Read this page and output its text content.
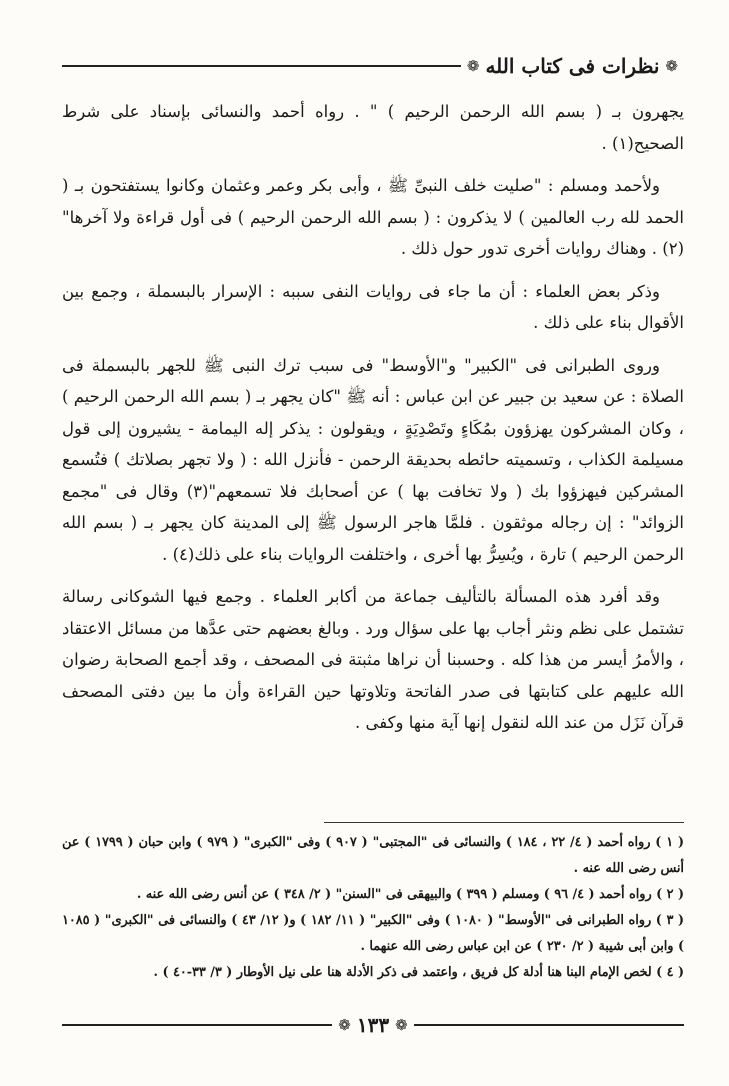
❁
نظرات فى كتاب الله
❁

يجهرون بـ ( بسم الله الرحمن الرحيم ) " . رواه أحمد والنسائى بإسناد على شرط الصحيح(١) .

ولأحمد ومسلم : "صليت خلف النبىِّ ﷺ ، وأبى بكر وعمر وعثمان وكانوا يستفتحون بـ ( الحمد لله رب العالمين ) لا يذكرون : ( بسم الله الرحمن الرحيم ) فى أول قراءة ولا آخرها"(٢) . وهناك روايات أخرى تدور حول ذلك .

وذكر بعض العلماء : أن ما جاء فى روايات النفى سببه : الإسرار بالبسملة ، وجمع بين الأقوال بناء على ذلك .

وروى الطبرانى فى "الكبير" و"الأوسط" فى سبب ترك النبى ﷺ للجهر بالبسملة فى الصلاة : عن سعيد بن جبير عن ابن عباس : أنه ﷺ "كان يجهر بـ ( بسم الله الرحمن الرحيم ) ، وكان المشركون يهزؤون بمُكَاءٍ وتَصْدِيَةٍ ، ويقولون : يذكر إله اليمامة - يشيرون إلى قول مسيلمة الكذاب ، وتسميته حائطه بحديقة الرحمن - فأنزل الله : ( ولا تجهر بصلاتك ) فتُسمع المشركين فيهزؤوا بك ( ولا تخافت بها ) عن أصحابك فلا تسمعهم"(٣) وقال فى "مجمع الزوائد" : إن رجاله موثقون . فلمَّا هاجر الرسول ﷺ إلى المدينة كان يجهر بـ ( بسم الله الرحمن الرحيم ) تارة ، ويُسِرُّ بها أخرى ، واختلفت الروايات بناء على ذلك(٤) .

وقد أفرد هذه المسألة بالتأليف جماعة من أكابر العلماء . وجمع فيها الشوكانى رسالة تشتمل على نظم ونثر أجاب بها على سؤال ورد . وبالغ بعضهم حتى عدَّها من مسائل الاعتقاد ، والأمرُ أيسر من هذا كله . وحسبنا أن نراها مثبتة فى المصحف ، وقد أجمع الصحابة رضوان الله عليهم على كتابتها فى صدر الفاتحة وتلاوتها حين القراءة وأن ما بين دفتى المصحف قرآن نَزَل من عند الله لنقول إنها آية منها وكفى .

( ١ ) رواه أحمد ( ٤/ ٢٢ ، ١٨٤ ) والنسائى فى "المجتبى" ( ٩٠٧ ) وفى "الكبرى" ( ٩٧٩ ) وابن حبان ( ١٧٩٩ ) عن أنس رضى الله عنه .

( ٢ ) رواه أحمد ( ٤/ ٩٦ ) ومسلم ( ٣٩٩ ) والبيهقى فى "السنن" ( ٢/ ٣٤٨ ) عن أنس رضى الله عنه .

( ٣ ) رواه الطبرانى فى "الأوسط" ( ١٠٨٠ ) وفى "الكبير" ( ١١/ ١٨٢ ) و( ١٢/ ٤٣ ) والنسائى فى "الكبرى" ( ١٠٨٥ ) وابن أبى شيبة ( ٢/ ٢٣٠ ) عن ابن عباس رضى الله عنهما .

( ٤ ) لخص الإمام البنا هنا أدلة كل فريق ، واعتمد فى ذكر الأدلة هنا على نيل الأوطار ( ٣/ ٣٣-٤٠ ) .

❁
١٣٣
❁
